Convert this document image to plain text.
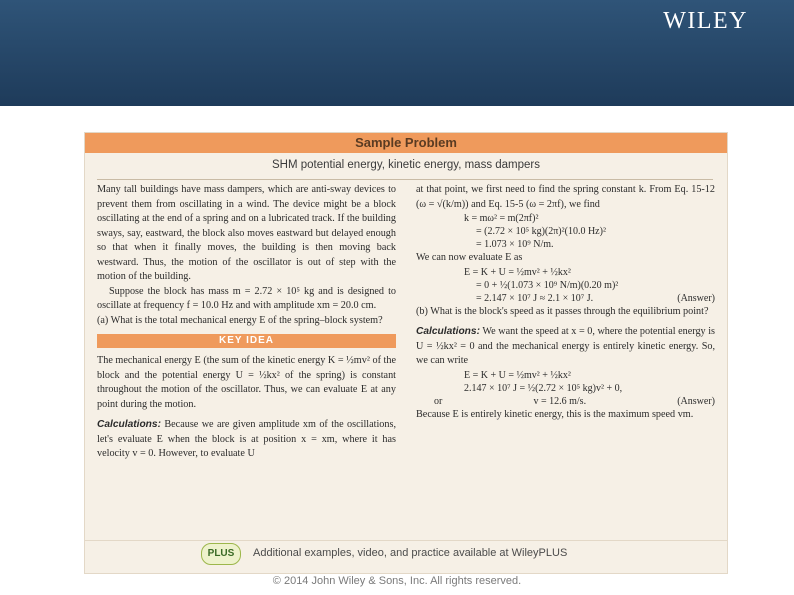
WILEY
Sample Problem
SHM potential energy, kinetic energy, mass dampers

Many tall buildings have mass dampers, which are anti-sway devices to prevent them from oscillating in a wind. The device might be a block oscillating at the end of a spring and on a lubricated track. If the building sways, say, eastward, the block also moves eastward but delayed enough so that when it finally moves, the building is then moving back westward. Thus, the motion of the oscillator is out of step with the motion of the building.

Suppose the block has mass m = 2.72 × 10⁵ kg and is designed to oscillate at frequency f = 10.0 Hz and with amplitude xm = 20.0 cm.

(a) What is the total mechanical energy E of the spring–block system?

KEY IDEA

The mechanical energy E (the sum of the kinetic energy K = ½mv² of the block and the potential energy U = ½kx² of the spring) is constant throughout the motion of the oscillator. Thus, we can evaluate E at any point during the motion.

Calculations: Because we are given amplitude xm of the oscillations, let's evaluate E when the block is at position x = xm, where it has velocity v = 0. However, to evaluate U

at that point, we first need to find the spring constant k. From Eq. 15-12 (ω = √(k/m)) and Eq. 15-5 (ω = 2πf), we find

k = mω² = m(2πf)²
= (2.72 × 10⁵ kg)(2π)²(10.0 Hz)²
= 1.073 × 10⁹ N/m.

We can now evaluate E as

E = K + U = ½mv² + ½kx²
= 0 + ½(1.073 × 10⁹ N/m)(0.20 m)²
= 2.147 × 10⁷ J ≈ 2.1 × 10⁷ J.	(Answer)

(b) What is the block's speed as it passes through the equilibrium point?

Calculations: We want the speed at x = 0, where the potential energy is U = ½kx² = 0 and the mechanical energy is entirely kinetic energy. So, we can write

E = K + U = ½mv² + ½kx²
2.147 × 10⁷ J = ½(2.72 × 10⁵ kg)v² + 0,
or	v = 12.6 m/s.	(Answer)

Because E is entirely kinetic energy, this is the maximum speed vm.

PLUS	Additional examples, video, and practice available at WileyPLUS
© 2014 John Wiley & Sons, Inc. All rights reserved.
